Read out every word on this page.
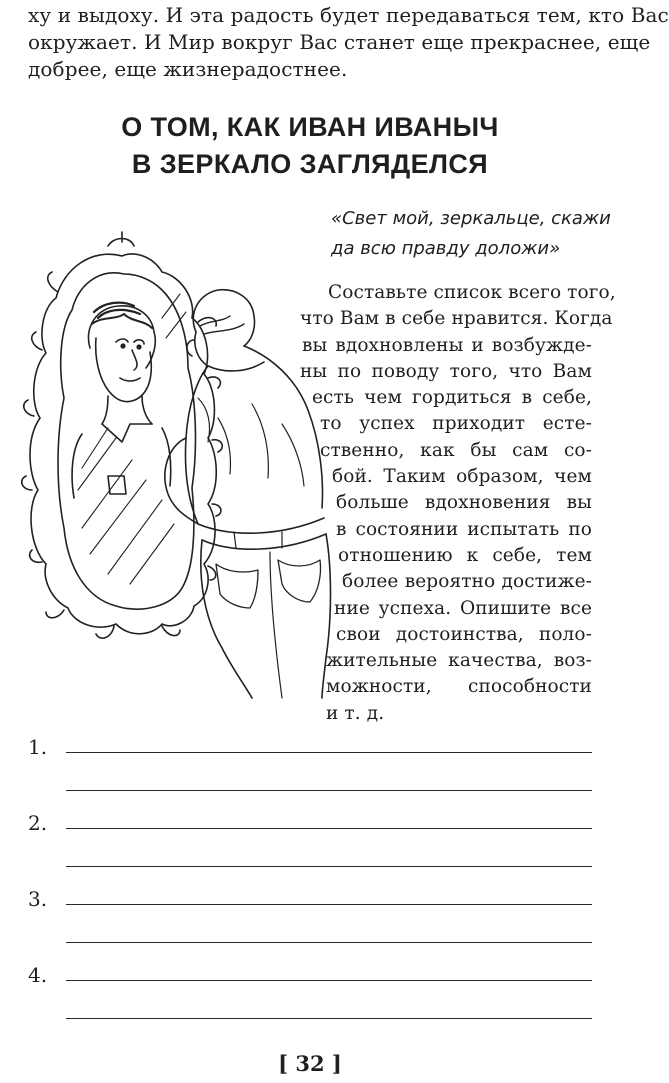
ху и выдоху. И эта радость будет передаваться тем, кто Вас
окружает. И Мир вокруг Вас станет еще прекраснее, еще
добрее, еще жизнерадостнее.
О ТОМ, КАК ИВАН ИВАНЫЧ
В ЗЕРКАЛО ЗАГЛЯДЕЛСЯ
«Свет мой, зеркальце, скажи
да всю правду доложи»
Составьте список всего того,
что Вам в себе нравится. Когда
вы вдохновлены и возбужде-
ны по поводу того, что Вам
есть чем гордиться в себе,
то успех приходит есте-
ственно, как бы сам со-
бой. Таким образом, чем
больше вдохновения вы
в состоянии испытать по
отношению к себе, тем
более вероятно достиже-
ние успеха. Опишите все
свои достоинства, поло-
жительные качества, воз-
можности, способности
и т. д.
1.
2.
3.
4.
[ 32 ]
